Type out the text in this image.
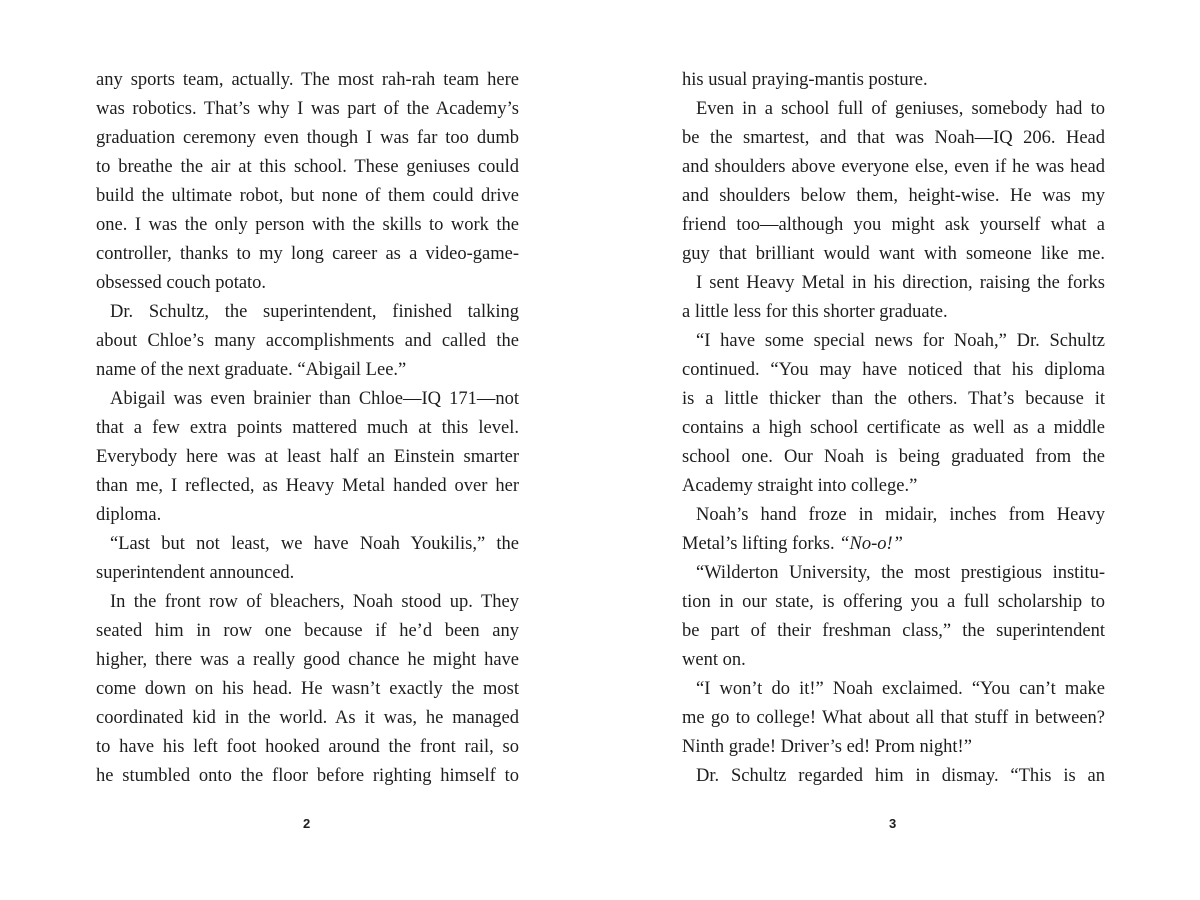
any sports team, actually. The most rah-rah team here
was robotics. That’s why I was part of the Academy’s
graduation ceremony even though I was far too dumb
to breathe the air at this school. These geniuses could
build the ultimate robot, but none of them could drive
one. I was the only person with the skills to work the
controller, thanks to my long career as a video-game-
obsessed couch potato.
Dr. Schultz, the superintendent, finished talking
about Chloe’s many accomplishments and called the
name of the next graduate. “Abigail Lee.”
Abigail was even brainier than Chloe—IQ 171—not
that a few extra points mattered much at this level.
Everybody here was at least half an Einstein smarter
than me, I reflected, as Heavy Metal handed over her
diploma.
“Last but not least, we have Noah Youkilis,” the
superintendent announced.
In the front row of bleachers, Noah stood up. They
seated him in row one because if he’d been any
higher, there was a really good chance he might have
come down on his head. He wasn’t exactly the most
coordinated kid in the world. As it was, he managed
to have his left foot hooked around the front rail, so
he stumbled onto the floor before righting himself to
2
his usual praying-mantis posture.
Even in a school full of geniuses, somebody had to
be the smartest, and that was Noah—IQ 206. Head
and shoulders above everyone else, even if he was head
and shoulders below them, height-wise. He was my
friend too—although you might ask yourself what a
guy that brilliant would want with someone like me.
I sent Heavy Metal in his direction, raising the forks
a little less for this shorter graduate.
“I have some special news for Noah,” Dr. Schultz
continued. “You may have noticed that his diploma
is a little thicker than the others. That’s because it
contains a high school certificate as well as a middle
school one. Our Noah is being graduated from the
Academy straight into college.”
Noah’s hand froze in midair, inches from Heavy
Metal’s lifting forks. “No-o!”
“Wilderton University, the most prestigious institu-
tion in our state, is offering you a full scholarship to
be part of their freshman class,” the superintendent
went on.
“I won’t do it!” Noah exclaimed. “You can’t make
me go to college! What about all that stuff in between?
Ninth grade! Driver’s ed! Prom night!”
Dr. Schultz regarded him in dismay. “This is an
3
